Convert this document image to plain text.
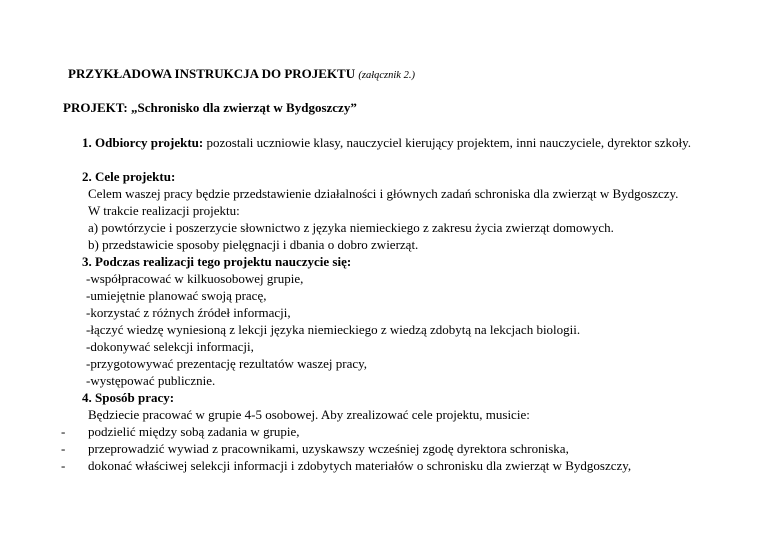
PRZYKŁADOWA INSTRUKCJA DO PROJEKTU (załącznik 2.)
PROJEKT: „Schronisko dla zwierząt w Bydgoszczy”
1. Odbiorcy projektu: pozostali uczniowie klasy, nauczyciel kierujący projektem, inni nauczyciele, dyrektor szkoły.
2. Cele projektu:
Celem waszej pracy będzie przedstawienie działalności i głównych zadań schroniska dla zwierząt w Bydgoszczy.
W trakcie realizacji projektu:
a) powtórzycie i poszerzycie słownictwo z języka niemieckiego z zakresu życia zwierząt domowych.
b) przedstawicie sposoby pielęgnacji i dbania o dobro zwierząt.
3. Podczas realizacji tego projektu nauczycie się:
-współpracować w kilkuosobowej grupie,
-umiejętnie planować swoją pracę,
-korzystać z różnych źródeł informacji,
-łączyć wiedzę wyniesioną z lekcji języka niemieckiego z wiedzą zdobytą na lekcjach biologii.
-dokonywać selekcji informacji,
-przygotowywać prezentację rezultatów waszej pracy,
-występować publicznie.
4. Sposób pracy:
Będziecie pracować w grupie 4-5 osobowej. Aby zrealizować cele projektu, musicie:
- podzielić między sobą zadania w grupie,
- przeprowadzić wywiad z pracownikami, uzyskawszy wcześniej zgodę dyrektora schroniska,
- dokonać właściwej selekcji informacji i zdobytych materiałów o schronisku dla zwierząt w Bydgoszczy,
